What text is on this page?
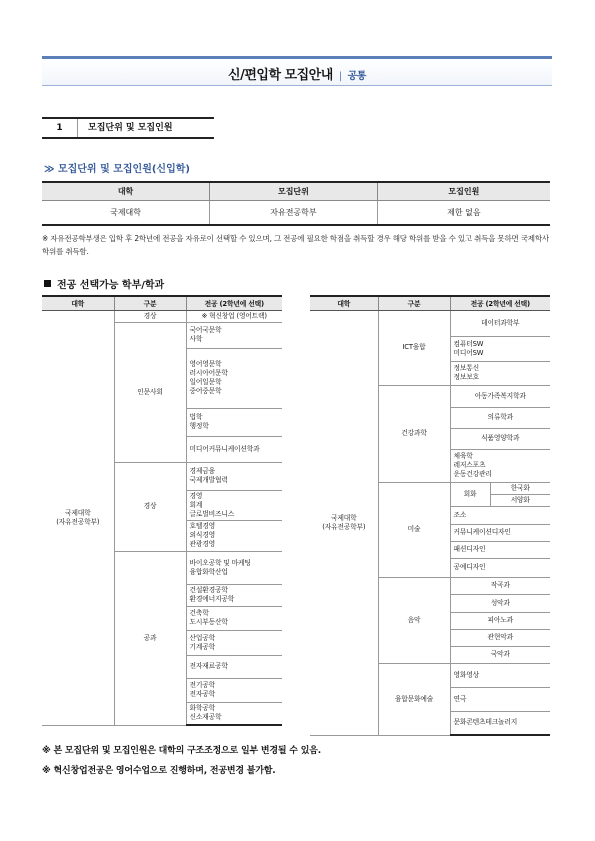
신/편입학 모집안내 | 공통
1	모집단위 및 모집인원
≫ 모집단위 및 모집인원(신입학)
대학	모집단위	모집인원
국제대학	자유전공학부	제한 없음
※ 자유전공학부생은 입학 후 2학년에 전공을 자유로이 선택할 수 있으며, 그 전공에 필요한 학점을 취득할 경우 해당 학위를 받을 수 있고 취득을 못하면 국제학사 학위를 취득함.
전공 선택가능 학부/학과
대학	구분	전공 (2학년에 선택)

국제대학
(자유전공학부)	경상	※ 혁신창업 (영어트랙)
	인문사회	국어국문학
사학

		영어영문학
러시아어문학
일어일문학
중어중문학

		법학
행정학

		미디어커뮤니케이션학과
	경상	경제금융
국제개발협력

		경영
회계
글로벌비즈니스

		호텔경영
외식경영
관광경영

	공과	바이오공학 및 마케팅
융합화학산업

		건설환경공학
환경에너지공학

		건축학
도시부동산학

		산업공학
기계공학

		전자재료공학

		전기공학
전자공학

		화학공학
신소재공학
대학	구분	전공 (2학년에 선택)	

국제대학
(자유전공학부)	ICT융합	데이터과학부	

		컴퓨터SW
미디어SW	

		정보통신
정보보호	

	건강과학	아동가족복지학과	
		의류학과	
		식품영양학과	

		체육학
레저스포츠
운동건강관리	

	미술	회화	한국화
			서양화
		조소	
		커뮤니케이션디자인	
		패션디자인	
		공예디자인	
	음악	작곡과	
		성악과	
		피아노과	
		관현악과	
		국악과	
	융합문화예술	영화영상	
		연극	
		문화콘텐츠테크놀러지	
※ 본 모집단위 및 모집인원은 대학의 구조조정으로 일부 변경될 수 있음.
※ 혁신창업전공은 영어수업으로 진행하며, 전공변경 불가함.
